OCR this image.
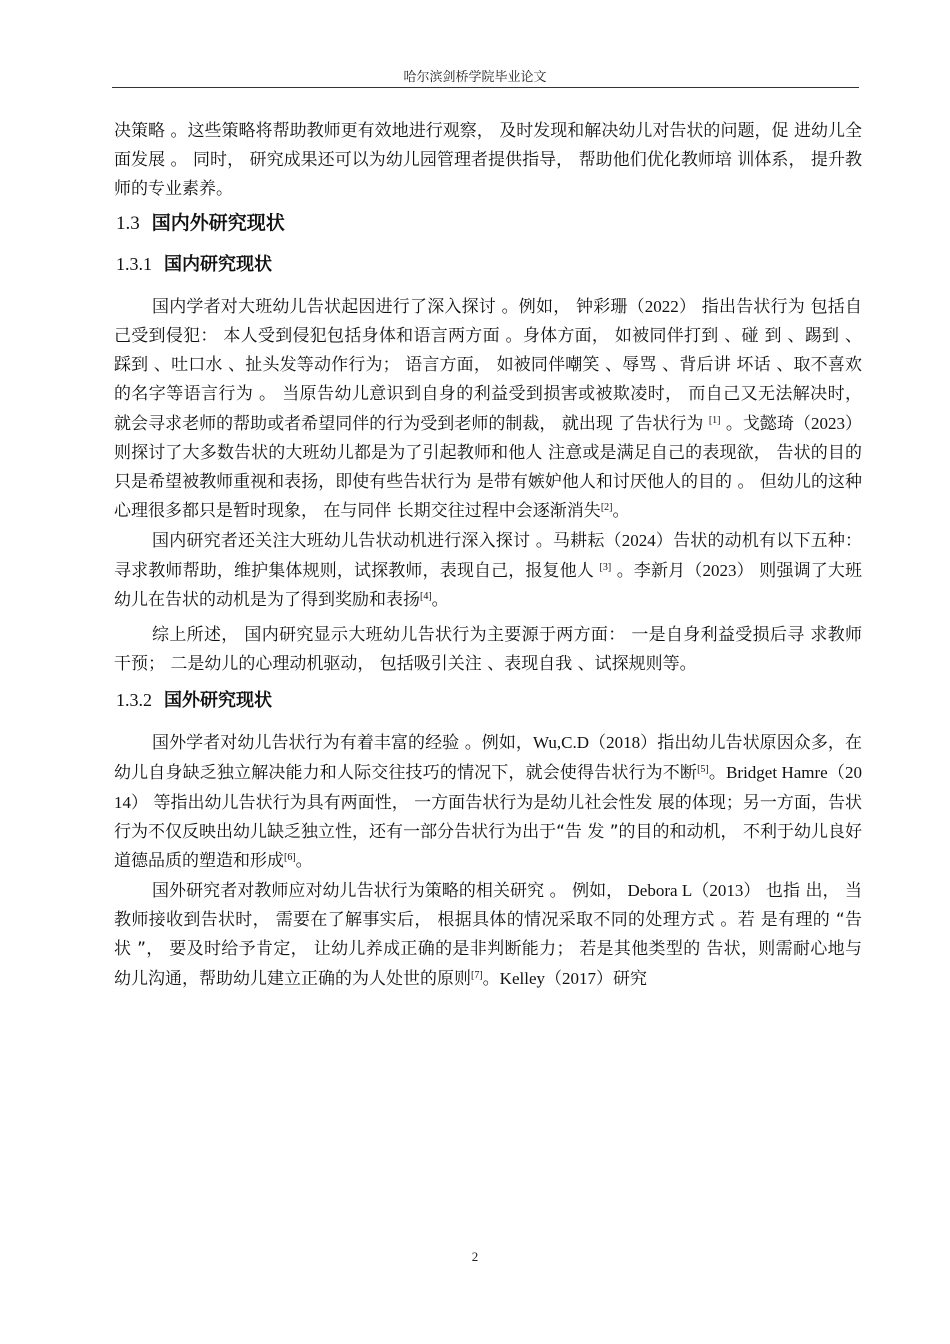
哈尔滨剑桥学院毕业论文

决策略 。这些策略将帮助教师更有效地进行观察， 及时发现和解决幼儿对告状的问题，促 进幼儿全面发展 。 同时， 研究成果还可以为幼儿园管理者提供指导， 帮助他们优化教师培 训体系， 提升教师的专业素养。

1.3 国内外研究现状
1.3.1 国内研究现状

国内学者对大班幼儿告状起因进行了深入探讨 。例如， 钟彩珊（2022） 指出告状行为 包括自己受到侵犯： 本人受到侵犯包括身体和语言两方面 。身体方面， 如被同伴打到 、碰 到 、踢到 、踩到 、吐口水 、扯头发等动作行为； 语言方面， 如被同伴嘲笑 、辱骂 、背后讲 坏话 、取不喜欢的名字等语言行为 。 当原告幼儿意识到自身的利益受到损害或被欺凌时， 而自己又无法解决时， 就会寻求老师的帮助或者希望同伴的行为受到老师的制裁， 就出现 了告状行为 [1] 。戈懿琦（2023） 则探讨了大多数告状的大班幼儿都是为了引起教师和他人 注意或是满足自己的表现欲， 告状的目的只是希望被教师重视和表扬，即使有些告状行为 是带有嫉妒他人和讨厌他人的目的 。 但幼儿的这种心理很多都只是暂时现象， 在与同伴 长期交往过程中会逐渐消失[2]。

国内研究者还关注大班幼儿告状动机进行深入探讨 。马耕耘（2024）告状的动机有以下五种：寻求教师帮助，维护集体规则，试探教师，表现自己，报复他人 [3] 。李新月（2023） 则强调了大班幼儿在告状的动机是为了得到奖励和表扬[4]。

综上所述， 国内研究显示大班幼儿告状行为主要源于两方面： 一是自身利益受损后寻 求教师干预； 二是幼儿的心理动机驱动， 包括吸引关注 、表现自我 、试探规则等。

1.3.2 国外研究现状

国外学者对幼儿告状行为有着丰富的经验 。例如，Wu,C.D（2018）指出幼儿告状原因众多，在幼儿自身缺乏独立解决能力和人际交往技巧的情况下，就会使得告状行为不断[5]。Bridget Hamre（2014） 等指出幼儿告状行为具有两面性， 一方面告状行为是幼儿社会性发 展的体现；另一方面，告状行为不仅反映出幼儿缺乏独立性，还有一部分告状行为出于“告 发 ”的目的和动机， 不利于幼儿良好道德品质的塑造和形成[6]。

国外研究者对教师应对幼儿告状行为策略的相关研究 。 例如， Debora L（2013） 也指 出， 当教师接收到告状时， 需要在了解事实后， 根据具体的情况采取不同的处理方式 。若 是有理的 “告状 ”， 要及时给予肯定， 让幼儿养成正确的是非判断能力； 若是其他类型的 告状，则需耐心地与幼儿沟通，帮助幼儿建立正确的为人处世的原则[7]。Kelley（2017）研究

2
